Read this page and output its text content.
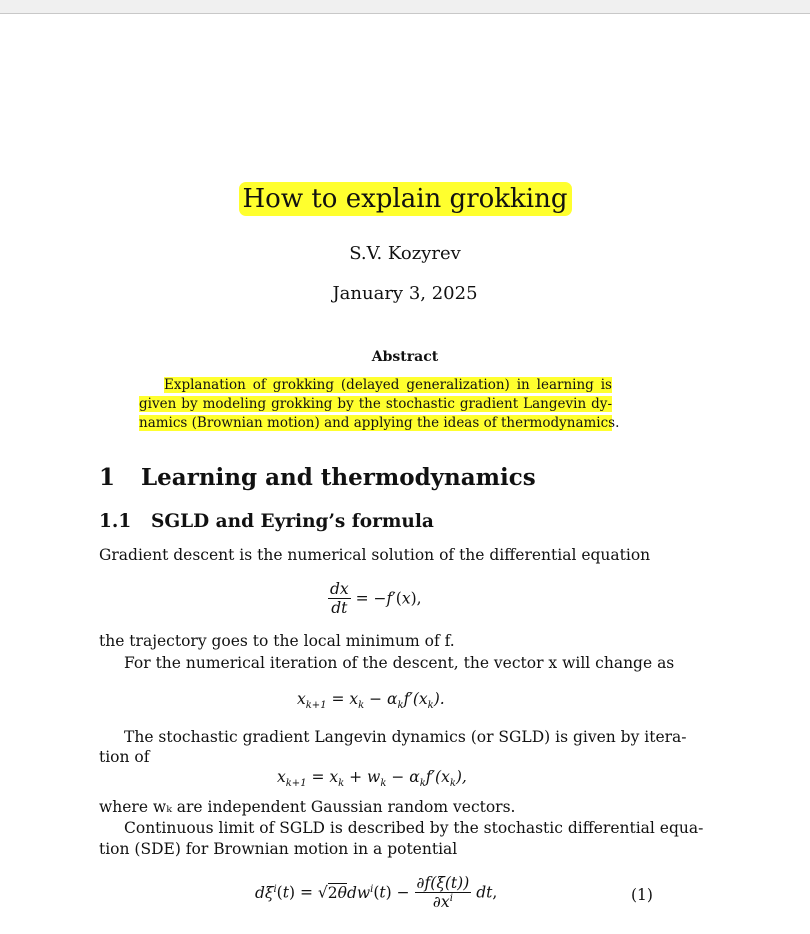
How to explain grokking
S.V. Kozyrev
January 3, 2025
Abstract
Explanation of grokking (delayed generalization) in learning is
given by modeling grokking by the stochastic gradient Langevin dy-
namics (Brownian motion) and applying the ideas of thermodynamics.
1 Learning and thermodynamics
1.1 SGLD and Eyring’s formula
Gradient descent is the numerical solution of the differential equation
$\frac{dx}{dt} = -f'(x)$,
the trajectory goes to the local minimum of f.
For the numerical iteration of the descent, the vector x will change as
$x_{k+1} = x_k - \alpha_kf'(x_k)$.
The stochastic gradient Langevin dynamics (or SGLD) is given by itera-
tion of
$x_{k+1} = x_k + w_k - \alpha_kf'(x_k)$,
where wₖ are independent Gaussian random vectors.
Continuous limit of SGLD is described by the stochastic differential equa-
tion (SDE) for Brownian motion in a potential
$d\xi^i(t) = √2\theta dw^i(t) - \frac{\partial f(\xi(t))}{\partial x^i}$ dt,	(1)
